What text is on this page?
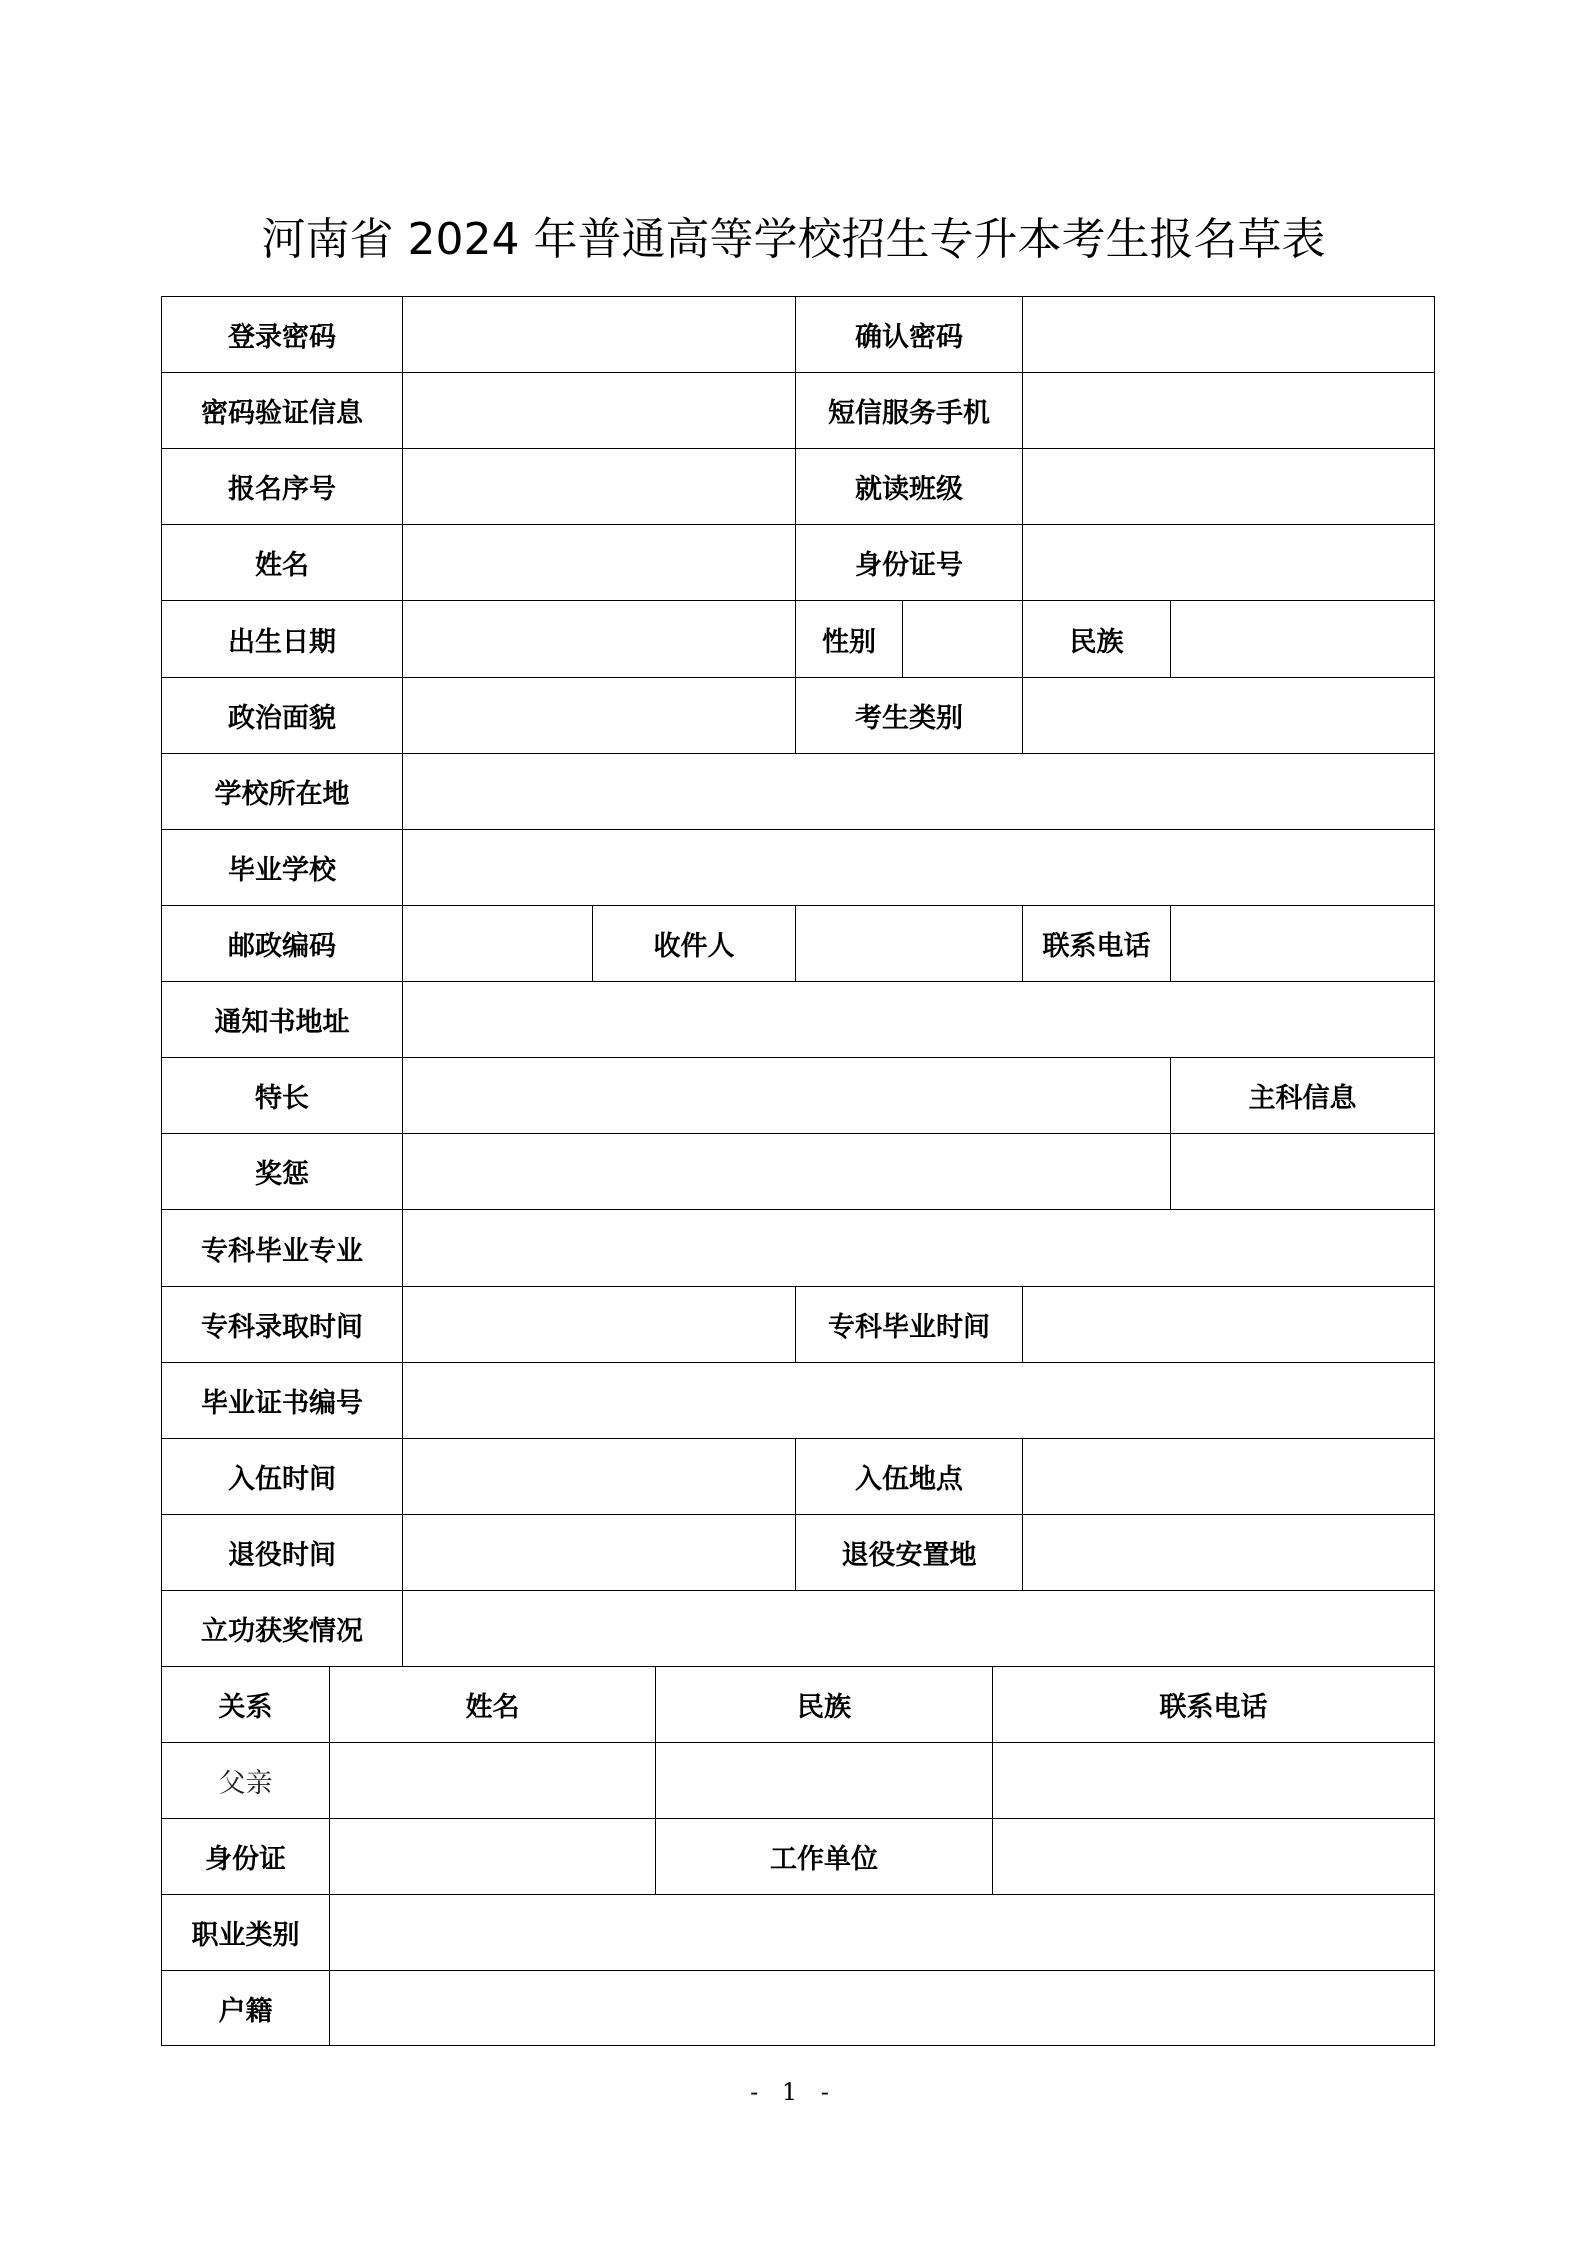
河南省 2024 年普通高等学校招生专升本考生报名草表
登录密码	确认密码
密码验证信息	短信服务手机
报名序号	就读班级
姓名	身份证号
出生日期	性别	民族
政治面貌	考生类别
学校所在地
毕业学校
邮政编码	收件人	联系电话
通知书地址
特长	主科信息
奖惩
专科毕业专业
专科录取时间	专科毕业时间
毕业证书编号
入伍时间	入伍地点
退役时间	退役安置地
立功获奖情况
关系	姓名	民族	联系电话
父亲
身份证	工作单位
职业类别
户籍
- 1 -
